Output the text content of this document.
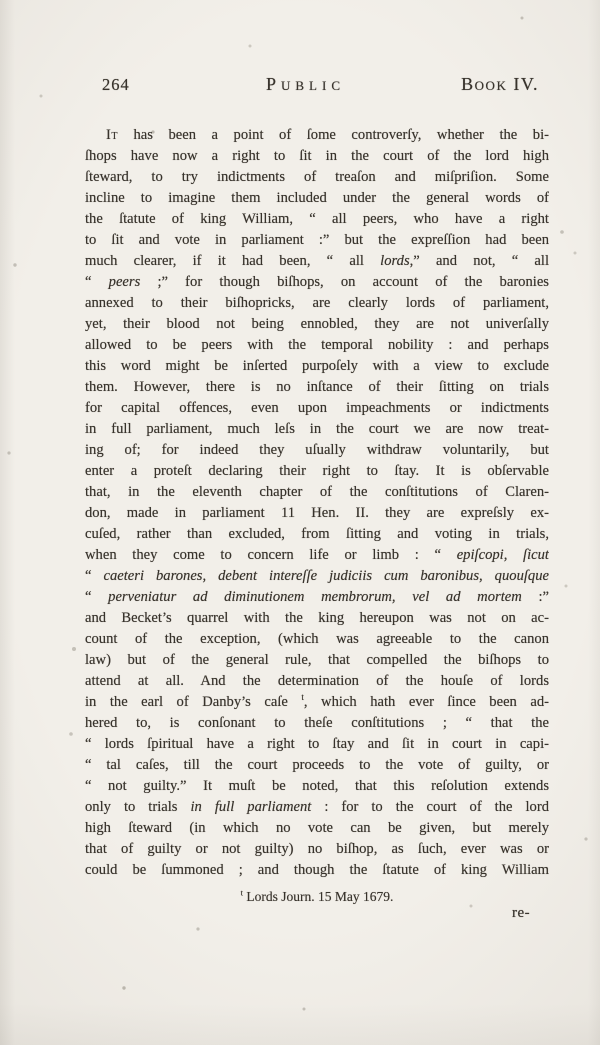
264	Public	Book IV.
It has been a point of ſome controverſy, whether the bi-
ſhops have now a right to ſit in the court of the lord high
ſteward, to try indictments of treaſon and miſpriſion. Some
incline to imagine them included under the general words of
the ſtatute of king William, “ all peers, who have a right
to ſit and vote in parliament :” but the expreſſion had been
much clearer, if it had been, “ all lords,” and not, “ all
“ peers ;” for though biſhops, on account of the baronies
annexed to their biſhopricks, are clearly lords of parliament,
yet, their blood not being ennobled, they are not univerſally
allowed to be peers with the temporal nobility : and perhaps
this word might be inſerted purpoſely with a view to exclude
them. However, there is no inſtance of their ſitting on trials
for capital offences, even upon impeachments or indictments
in full parliament, much leſs in the court we are now treat-
ing of; for indeed they uſually withdraw voluntarily, but
enter a proteſt declaring their right to ſtay. It is obſervable
that, in the eleventh chapter of the conſtitutions of Claren-
don, made in parliament 11 Hen. II. they are expreſsly ex-
cuſed, rather than excluded, from ſitting and voting in trials,
when they come to concern life or limb : “ epiſcopi, ſicut
“ caeteri barones, debent intereſſe judiciis cum baronibus, quouſque
“ perveniatur ad diminutionem membrorum, vel ad mortem :”
and Becket’s quarrel with the king hereupon was not on ac-
count of the exception, (which was agreeable to the canon
law) but of the general rule, that compelled the biſhops to
attend at all. And the determination of the houſe of lords
in the earl of Danby’s caſe $^t$, which hath ever ſince been ad-
hered to, is conſonant to theſe conſtitutions ; “ that the
“ lords ſpiritual have a right to ſtay and ſit in court in capi-
“ tal caſes, till the court proceeds to the vote of guilty, or
“ not guilty.” It muſt be noted, that this reſolution extends
only to trials in full parliament : for to the court of the lord
high ſteward (in which no vote can be given, but merely
that of guilty or not guilty) no biſhop, as ſuch, ever was or
could be ſummoned ; and though the ſtatute of king William
$^t$ Lords Journ. 15 May 1679.
re-
